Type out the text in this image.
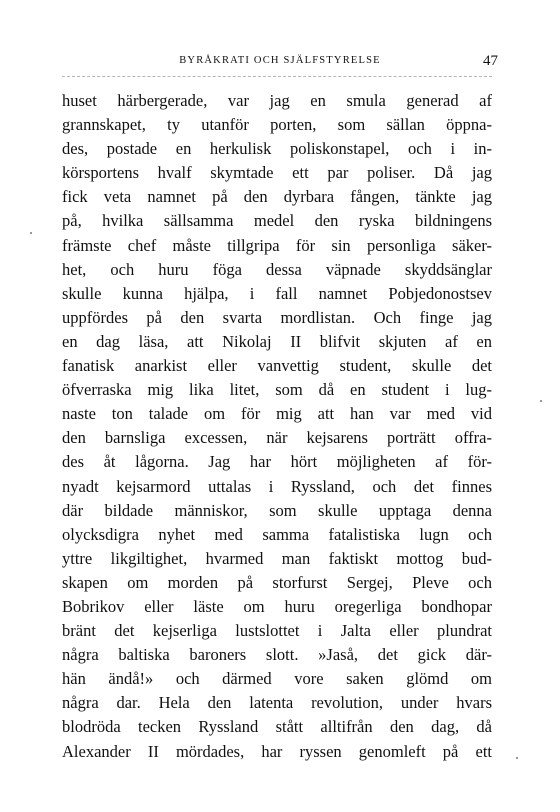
BYRÅKRATI OCH SJÄLFSTYRELSE	47
huset härbergerade, var jag en smula generad af
grannskapet, ty utanför porten, som sällan öppna-
des, postade en herkulisk poliskonstapel, och i in-
körsportens hvalf skymtade ett par poliser. Då jag
fick veta namnet på den dyrbara fången, tänkte jag
på, hvilka sällsamma medel den ryska bildningens
främste chef måste tillgripa för sin personliga säker-
het, och huru föga dessa väpnade skyddsänglar
skulle kunna hjälpa, i fall namnet Pobjedonostsev
uppfördes på den svarta mordlistan. Och finge jag
en dag läsa, att Nikolaj II blifvit skjuten af en
fanatisk anarkist eller vanvettig student, skulle det
öfverraska mig lika litet, som då en student i lug-
naste ton talade om för mig att han var med vid
den barnsliga excessen, när kejsarens porträtt offra-
des åt lågorna. Jag har hört möjligheten af för-
nyadt kejsarmord uttalas i Ryssland, och det finnes
där bildade människor, som skulle upptaga denna
olycksdigra nyhet med samma fatalistiska lugn och
yttre likgiltighet, hvarmed man faktiskt mottog bud-
skapen om morden på storfurst Sergej, Pleve och
Bobrikov eller läste om huru oregerliga bondhopar
bränt det kejserliga lustslottet i Jalta eller plundrat
några baltiska baroners slott. »Jaså, det gick där-
hän ändå!» och därmed vore saken glömd om
några dar. Hela den latenta revolution, under hvars
blodröda tecken Ryssland stått alltifrån den dag, då
Alexander II mördades, har ryssen genomleft på ett
